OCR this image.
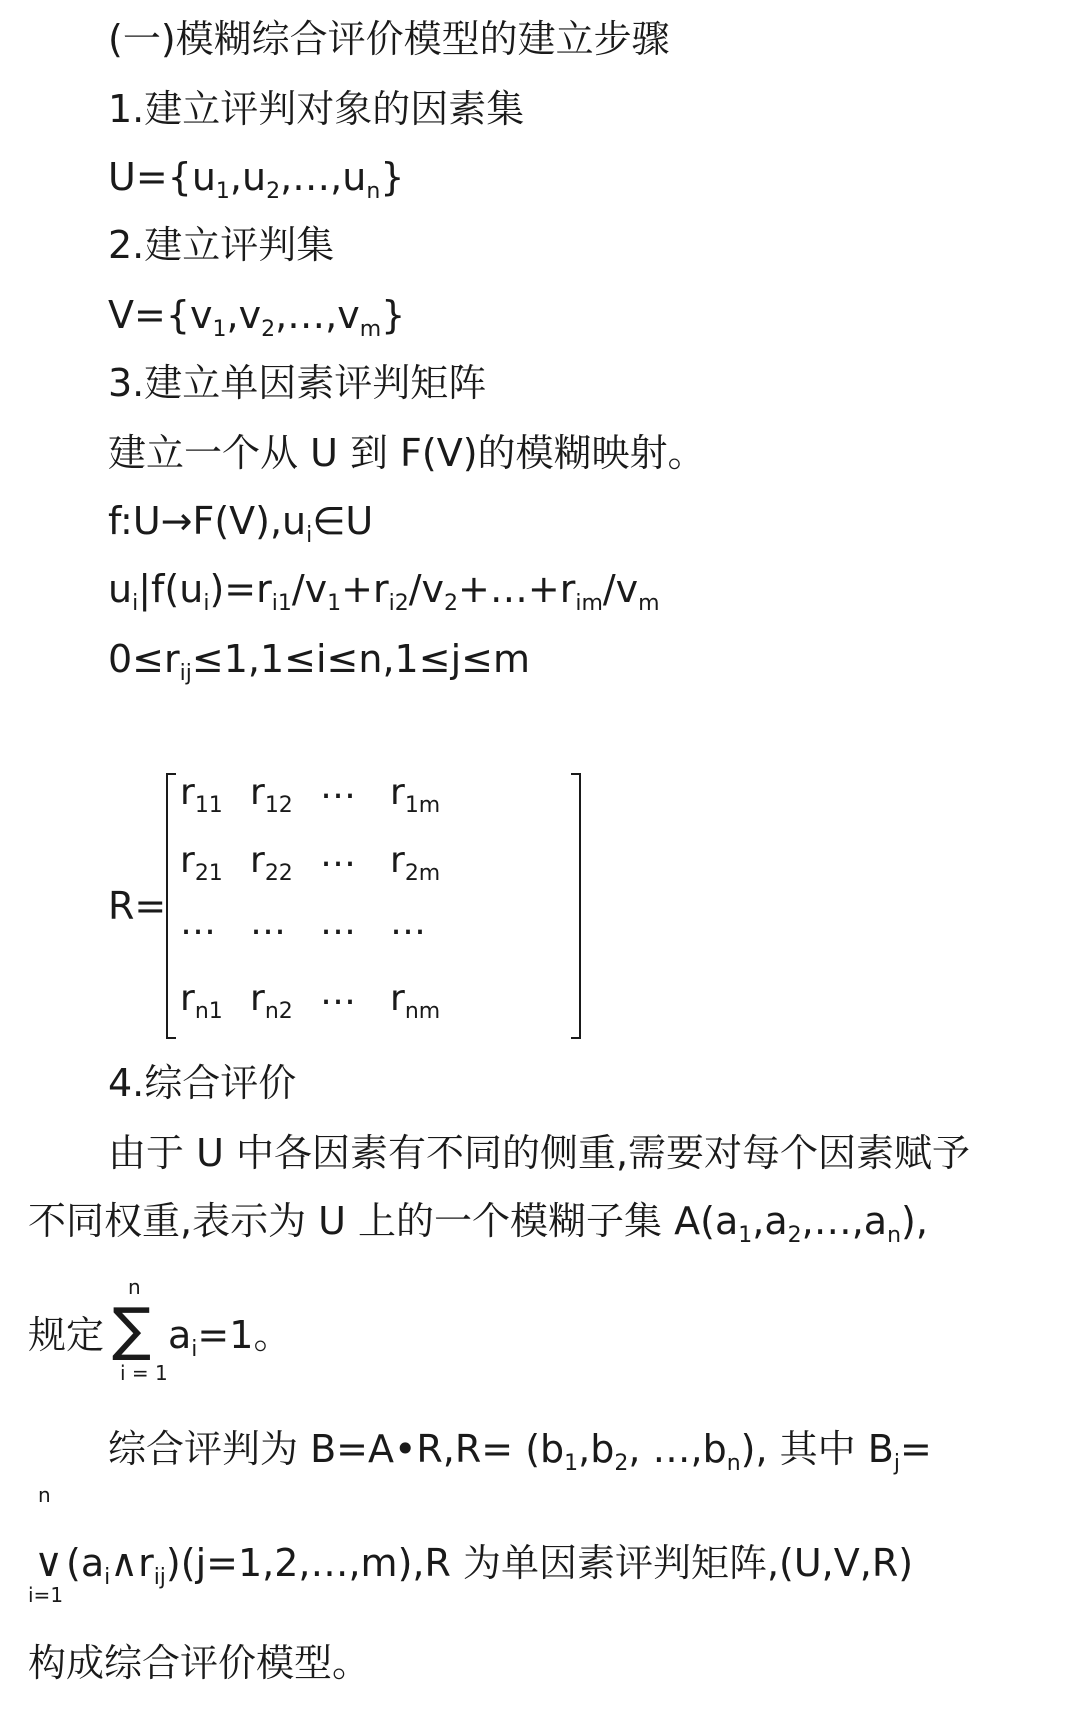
(一)模糊综合评价模型的建立步骤
1.建立评判对象的因素集
$U=\{u_1,u_2,\dots,u_n\}$
2.建立评判集
$V=\{v_1,v_2,\dots,v_m\}$
3.建立单因素评判矩阵
建立一个从 U 到 F(V)的模糊映射。
$f:U\to F(V),u_i\in U$
$u_i|f(u_i)=r_{i1}/v_1+r_{i2}/v_2+\dots+r_{im}/v_m$
$0\le r_{ij}\le 1,1\le i\le n,1\le j\le m$
R=
$r_{11}$ $r_{12}$ … $r_{1m}$
$r_{21}$ $r_{22}$ … $r_{2m}$
… … … …
$r_{n1}$ $r_{n2}$ … $r_{nm}$
4.综合评价
由于 U 中各因素有不同的侧重,需要对每个因素赋予
不同权重,表示为 U 上的一个模糊子集 $A(a_1,a_2,\dots,a_n)$,
规定
n
∑
i = 1
$a_i=1$。
综合评判为 B=A•R,R= ($b_1,b_2$, $\dots,b_n$), 其中 $B_j=$
n
∨
i=1
$(a_i\wedge r_{ij})(j=1,2,\dots,m),R$ 为单因素评判矩阵,(U,V,R)
构成综合评价模型。
